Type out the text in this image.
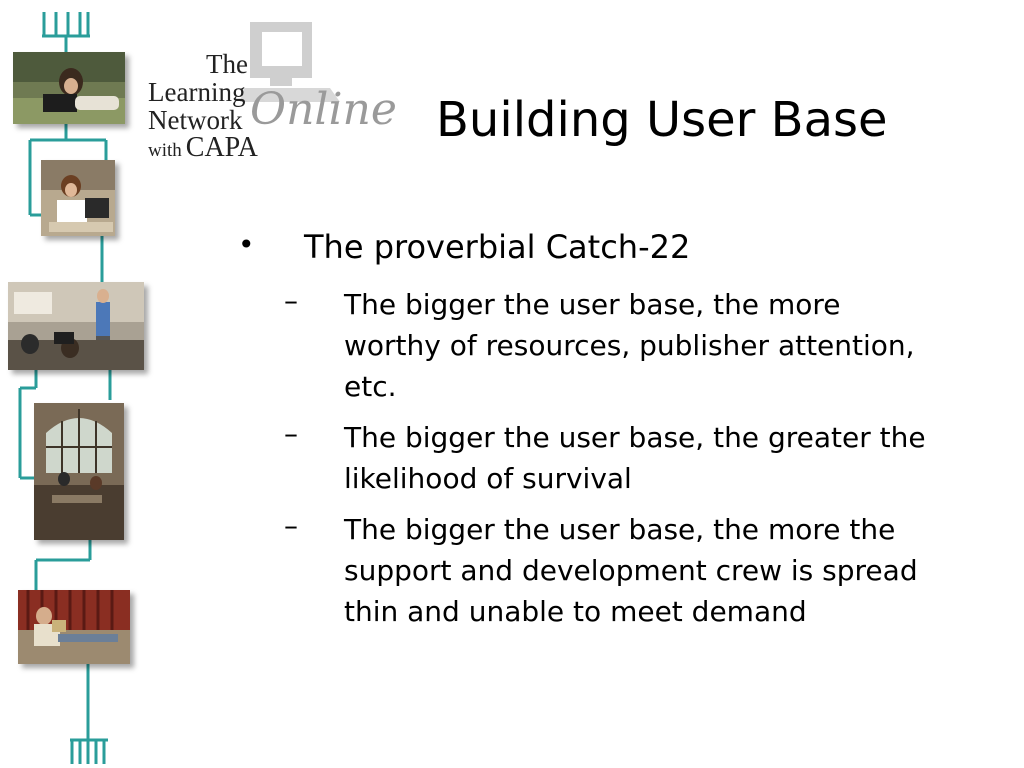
Online
The
Learning
Network
with CAPA	Building User Base
• The proverbial Catch-22
– The bigger the user base, the more worthy of resources, publisher attention, etc.
– The bigger the user base, the greater the likelihood of survival
– The bigger the user base, the more the support and development crew is spread thin and unable to meet demand
